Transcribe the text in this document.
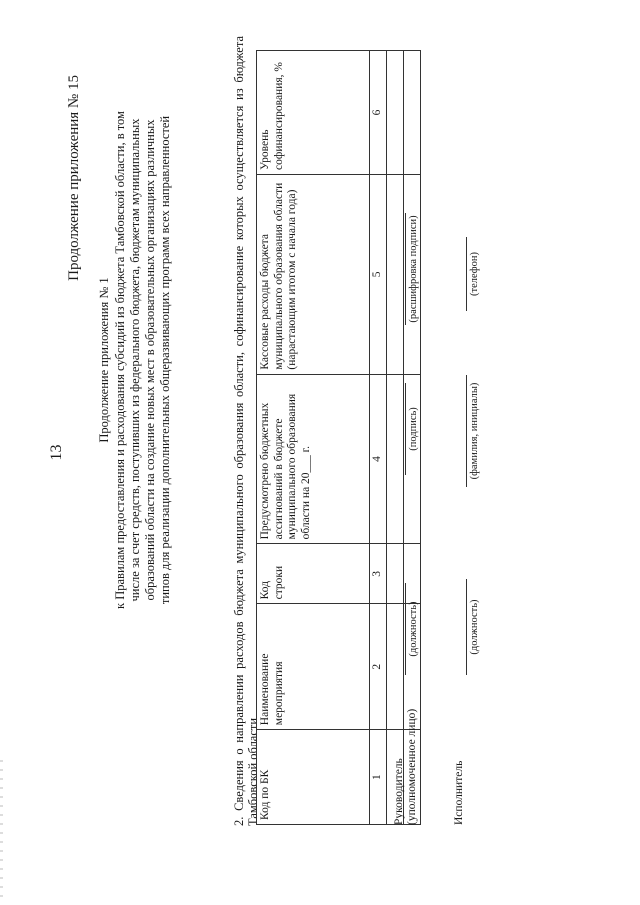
13
Продолжение приложения № 15
Продолжение приложения № 1 к Правилам предоставления и расходования субсидий из бюджета Тамбовской области, в том числе за счет средств, поступивших из федерального бюджета, бюджетам муниципальных образований области на создание новых мест в образовательных организациях различных типов для реализации дополнительных общеразвивающих программ всех направленностей	2. Сведения о направлении расходов бюджета муниципального образования области, софинансирование которых осуществляется из бюджета Тамбовской области Код по БК	Наименование мероприятия	Код строки	Предусмотрено бюджетных ассигнований в бюджете муниципального образования области на 20___ г.	Кассовые расходы бюджета муниципального образования области (нарастающим итогом с начала года)	Уровень софинансирования, %
1	2	3	4	5	6

Руководитель (уполномоченное лицо)
(должность)
(подпись)
(расшифровка подписи)
Исполнитель
(должность)
(фамилия, инициалы)
(телефон)
